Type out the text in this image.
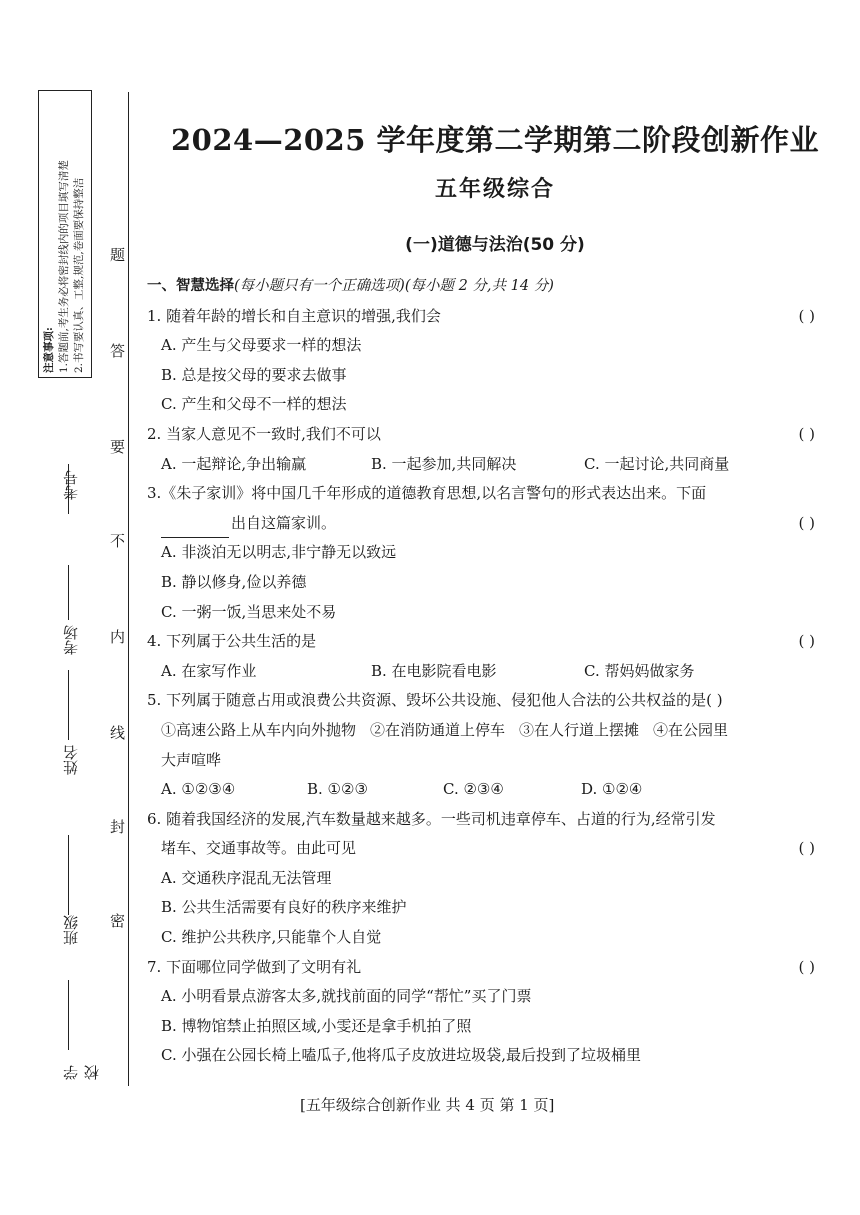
注意事项: 1.答题前,考生务必将密封线内的项目填写清楚 2.书写要认真、工整,规范,卷面要保持整洁 题
答
要
不
内
线
封
密
考号
考场
姓名
班级
学校
2024—2025 学年度第二学期第二阶段创新作业
五年级综合
(一)道德与法治(50 分)
一、智慧选择(每小题只有一个正确选项)(每小题 2 分,共 14 分)
1. 随着年龄的增长和自主意识的增强,我们会	( )
A. 产生与父母要求一样的想法
B. 总是按父母的要求去做事
C. 产生和父母不一样的想法
2. 当家人意见不一致时,我们不可以	( )
A. 一起辩论,争出输赢	B. 一起参加,共同解决	C. 一起讨论,共同商量
3.《朱子家训》将中国几千年形成的道德教育思想,以名言警句的形式表达出来。下面
出自这篇家训。	( )
A. 非淡泊无以明志,非宁静无以致远
B. 静以修身,俭以养德
C. 一粥一饭,当思来处不易
4. 下列属于公共生活的是	( )
A. 在家写作业	B. 在电影院看电影	C. 帮妈妈做家务
5. 下列属于随意占用或浪费公共资源、毁坏公共设施、侵犯他人合法的公共权益的是( )
①高速公路上从车内向外抛物 ②在消防通道上停车 ③在人行道上摆摊 ④在公园里
大声喧哗
A. ①②③④	B. ①②③	C. ②③④	D. ①②④
6. 随着我国经济的发展,汽车数量越来越多。一些司机违章停车、占道的行为,经常引发
堵车、交通事故等。由此可见	( )
A. 交通秩序混乱无法管理
B. 公共生活需要有良好的秩序来维护
C. 维护公共秩序,只能靠个人自觉
7. 下面哪位同学做到了文明有礼	( )
A. 小明看景点游客太多,就找前面的同学“帮忙”买了门票
B. 博物馆禁止拍照区域,小雯还是拿手机拍了照
C. 小强在公园长椅上嗑瓜子,他将瓜子皮放进垃圾袋,最后投到了垃圾桶里
[五年级综合创新作业 共 4 页 第 1 页]
